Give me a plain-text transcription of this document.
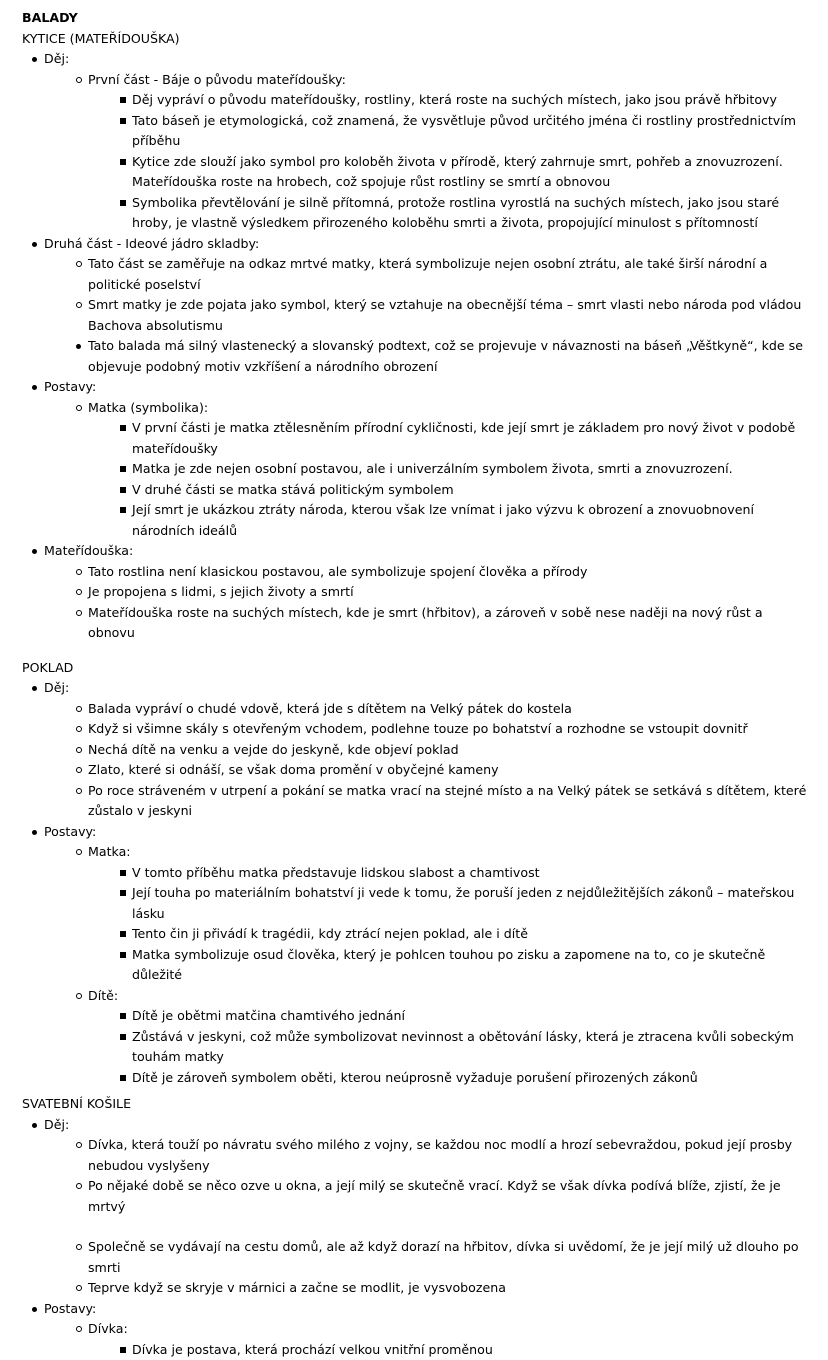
BALADY
KYTICE (MATEŘÍDOUŠKA)
Děj:
První část - Báje o původu mateřídoušky:
Děj vypráví o původu mateřídoušky, rostliny, která roste na suchých místech, jako jsou právě hřbitovy
Tato báseň je etymologická, což znamená, že vysvětluje původ určitého jména či rostliny prostřednictvím příběhu
Kytice zde slouží jako symbol pro koloběh života v přírodě, který zahrnuje smrt, pohřeb a znovuzrození. Mateřídouška roste na hrobech, což spojuje růst rostliny se smrtí a obnovou
Symbolika převtělování je silně přítomná, protože rostlina vyrostlá na suchých místech, jako jsou staré hroby, je vlastně výsledkem přirozeného koloběhu smrti a života, propojující minulost s přítomností
Druhá část - Ideové jádro skladby:
Tato část se zaměřuje na odkaz mrtvé matky, která symbolizuje nejen osobní ztrátu, ale také širší národní a politické poselství
Smrt matky je zde pojata jako symbol, který se vztahuje na obecnější téma – smrt vlasti nebo národa pod vládou Bachova absolutismu
Tato balada má silný vlastenecký a slovanský podtext, což se projevuje v návaznosti na báseň „Věštkyně“, kde se objevuje podobný motiv vzkříšení a národního obrození
Postavy:
Matka (symbolika):
V první části je matka ztělesněním přírodní cykličnosti, kde její smrt je základem pro nový život v podobě mateřídoušky
Matka je zde nejen osobní postavou, ale i univerzálním symbolem života, smrti a znovuzrození.
V druhé části se matka stává politickým symbolem
Její smrt je ukázkou ztráty národa, kterou však lze vnímat i jako výzvu k obrození a znovuobnovení národních ideálů
Mateřídouška:
Tato rostlina není klasickou postavou, ale symbolizuje spojení člověka a přírody
Je propojena s lidmi, s jejich životy a smrtí
Mateřídouška roste na suchých místech, kde je smrt (hřbitov), a zároveň v sobě nese naději na nový růst a obnovu
POKLAD
Děj:
Balada vypráví o chudé vdově, která jde s dítětem na Velký pátek do kostela
Když si všimne skály s otevřeným vchodem, podlehne touze po bohatství a rozhodne se vstoupit dovnitř
Nechá dítě na venku a vejde do jeskyně, kde objeví poklad
Zlato, které si odnáší, se však doma promění v obyčejné kameny
Po roce stráveném v utrpení a pokání se matka vrací na stejné místo a na Velký pátek se setkává s dítětem, které zůstalo v jeskyni
Postavy:
Matka:
V tomto příběhu matka představuje lidskou slabost a chamtivost
Její touha po materiálním bohatství ji vede k tomu, že poruší jeden z nejdůležitějších zákonů – mateřskou lásku
Tento čin ji přivádí k tragédii, kdy ztrácí nejen poklad, ale i dítě
Matka symbolizuje osud člověka, který je pohlcen touhou po zisku a zapomene na to, co je skutečně důležité
Dítě:
Dítě je obětmi matčina chamtivého jednání
Zůstává v jeskyni, což může symbolizovat nevinnost a obětování lásky, která je ztracena kvůli sobeckým touhám matky
Dítě je zároveň symbolem oběti, kterou neúprosně vyžaduje porušení přirozených zákonů
SVATEBNÍ KOŠILE
Děj:
Dívka, která touží po návratu svého milého z vojny, se každou noc modlí a hrozí sebevraždou, pokud její prosby nebudou vyslyšeny
Po nějaké době se něco ozve u okna, a její milý se skutečně vrací. Když se však dívka podívá blíže, zjistí, že je mrtvý
Společně se vydávají na cestu domů, ale až když dorazí na hřbitov, dívka si uvědomí, že je její milý už dlouho po smrti
Teprve když se skryje v márnici a začne se modlit, je vysvobozena
Postavy:
Dívka:
Dívka je postava, která prochází velkou vnitřní proměnou
